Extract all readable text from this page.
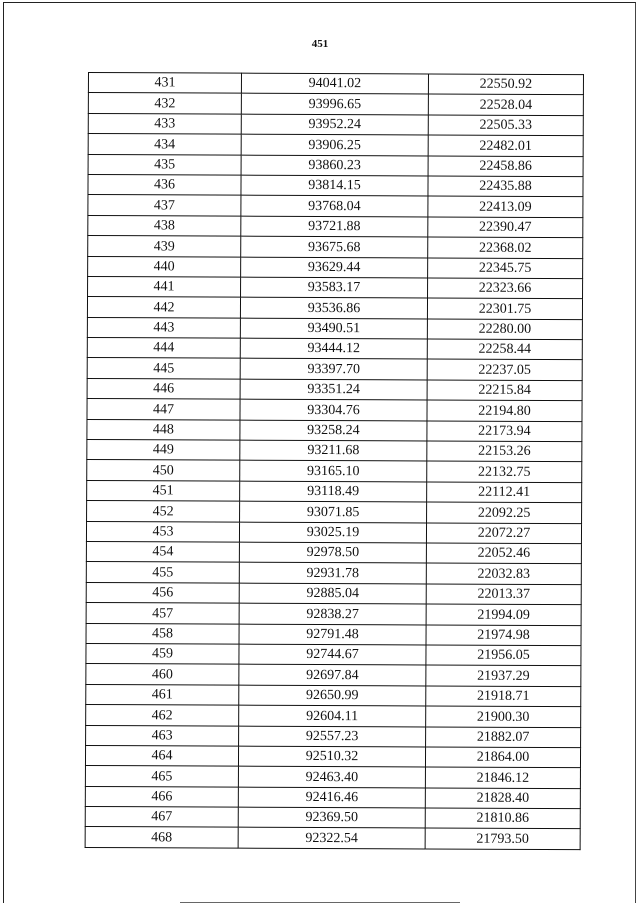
451
431	94041.02	22550.92
432	93996.65	22528.04
433	93952.24	22505.33
434	93906.25	22482.01
435	93860.23	22458.86
436	93814.15	22435.88
437	93768.04	22413.09
438	93721.88	22390.47
439	93675.68	22368.02
440	93629.44	22345.75
441	93583.17	22323.66
442	93536.86	22301.75
443	93490.51	22280.00
444	93444.12	22258.44
445	93397.70	22237.05
446	93351.24	22215.84
447	93304.76	22194.80
448	93258.24	22173.94
449	93211.68	22153.26
450	93165.10	22132.75
451	93118.49	22112.41
452	93071.85	22092.25
453	93025.19	22072.27
454	92978.50	22052.46
455	92931.78	22032.83
456	92885.04	22013.37
457	92838.27	21994.09
458	92791.48	21974.98
459	92744.67	21956.05
460	92697.84	21937.29
461	92650.99	21918.71
462	92604.11	21900.30
463	92557.23	21882.07
464	92510.32	21864.00
465	92463.40	21846.12
466	92416.46	21828.40
467	92369.50	21810.86
468	92322.54	21793.50
